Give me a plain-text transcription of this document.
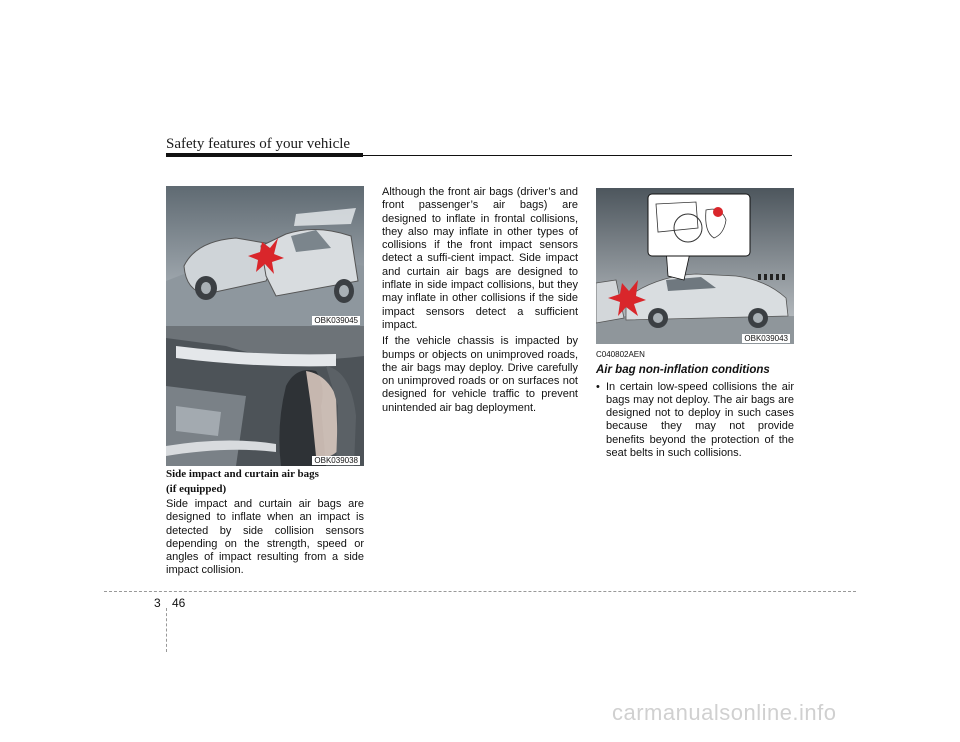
Safety features of your vehicle
OBK039045
OBK039038
OBK039043

Side impact and curtain air bags

(if equipped)

Side impact and curtain air bags are designed to inflate when an impact is detected by side collision sensors depending on the strength, speed or angles of impact resulting from a side impact collision.

Although the front air bags (driver’s and front passenger’s air bags) are designed to inflate in frontal collisions, they also may inflate in other types of collisions if the front impact sensors detect a suffi-cient impact. Side impact and curtain air bags are designed to inflate in side impact collisions, but they may inflate in other collisions if the side impact sensors detect a sufficient impact.

If the vehicle chassis is impacted by bumps or objects on unimproved roads, the air bags may deploy. Drive carefully on unimproved roads or on surfaces not designed for vehicle traffic to prevent unintended air bag deployment.

C040802AEN

Air bag non-inflation conditions

• In certain low-speed collisions the air bags may not deploy. The air bags are designed not to deploy in such cases because they may not provide benefits beyond the protection of the seat belts in such collisions.
3 46
carmanualsonline.info
